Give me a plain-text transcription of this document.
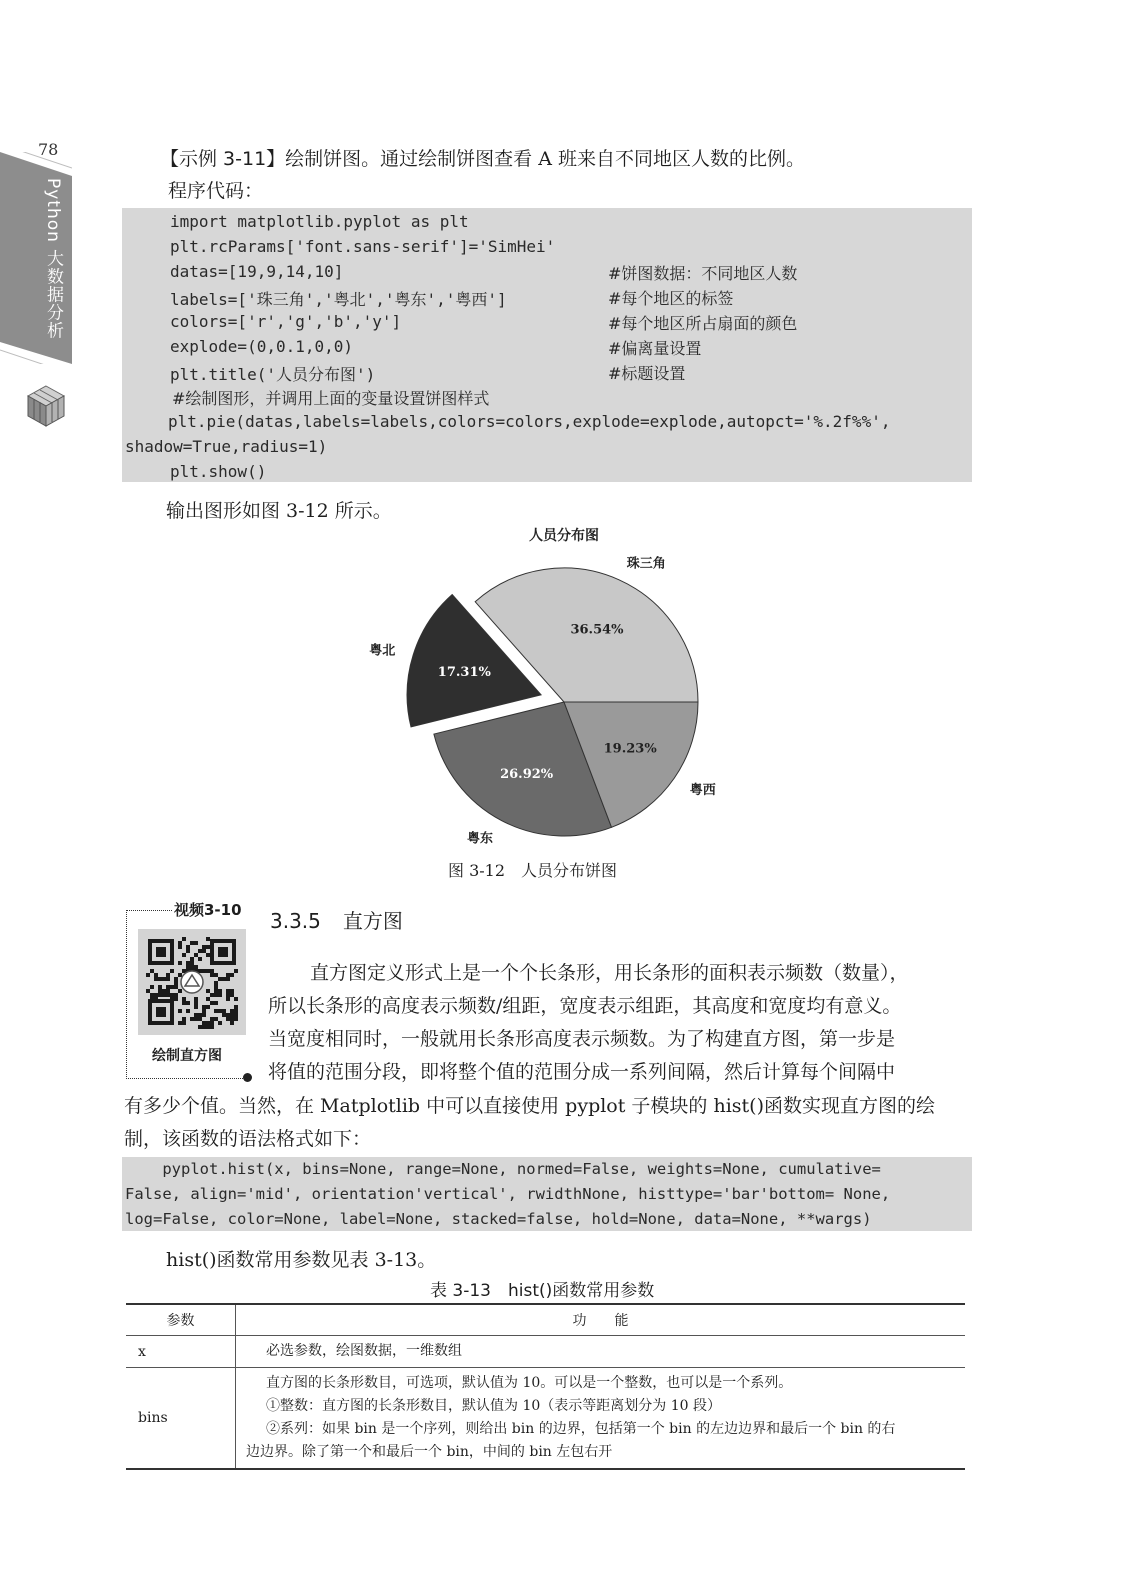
78
Python 大数据分析
【示例 3-11】绘制饼图。通过绘制饼图查看 A 班来自不同地区人数的比例。
程序代码：
import matplotlib.pyplot as plt
plt.rcParams['font.sans-serif']='SimHei'
datas=[19,9,14,10]
labels=['珠三角','粤北','粤东','粤西']
colors=['r','g','b','y']
explode=(0,0.1,0,0)
plt.title('人员分布图')
#绘制图形，并调用上面的变量设置饼图样式
plt.pie(datas,labels=labels,colors=colors,explode=explode,autopct='%.2f%%',
shadow=True,radius=1)
plt.show()
#饼图数据：不同地区人数
#每个地区的标签
#每个地区所占扇面的颜色
#偏离量设置
#标题设置
输出图形如图 3-12 所示。
人员分布图
36.54%
珠三角
17.31%
粤北
26.92%
粤东
19.23%
粤西
图 3-12　人员分布饼图
视频3-10
绘制直方图
3.3.5 直方图
直方图定义形式上是一个个长条形，用长条形的面积表示频数（数量），
所以长条形的高度表示频数/组距，宽度表示组距，其高度和宽度均有意义。
当宽度相同时，一般就用长条形高度表示频数。为了构建直方图，第一步是
将值的范围分段，即将整个值的范围分成一系列间隔，然后计算每个间隔中
有多少个值。当然，在 Matplotlib 中可以直接使用 pyplot 子模块的 hist()函数实现直方图的绘
制，该函数的语法格式如下：
pyplot.hist(x, bins=None, range=None, normed=False, weights=None, cumulative=
False, align='mid', orientation'vertical', rwidthNone, histtype='bar'bottom= None,
log=False, color=None, label=None, stacked=false, hold=None, data=None, **wargs)
hist()函数常用参数见表 3-13。
表 3-13　hist()函数常用参数
参数	功　　能
x	必选参数，绘图数据，一维数组
bins	直方图的长条形数目，可选项，默认值为 10。可以是一个整数，也可以是一个系列。
①整数：直方图的长条形数目，默认值为 10（表示等距离划分为 10 段）
②系列：如果 bin 是一个序列，则给出 bin 的边界，包括第一个 bin 的左边边界和最后一个 bin 的右
边边界。除了第一个和最后一个 bin，中间的 bin 左包右开
